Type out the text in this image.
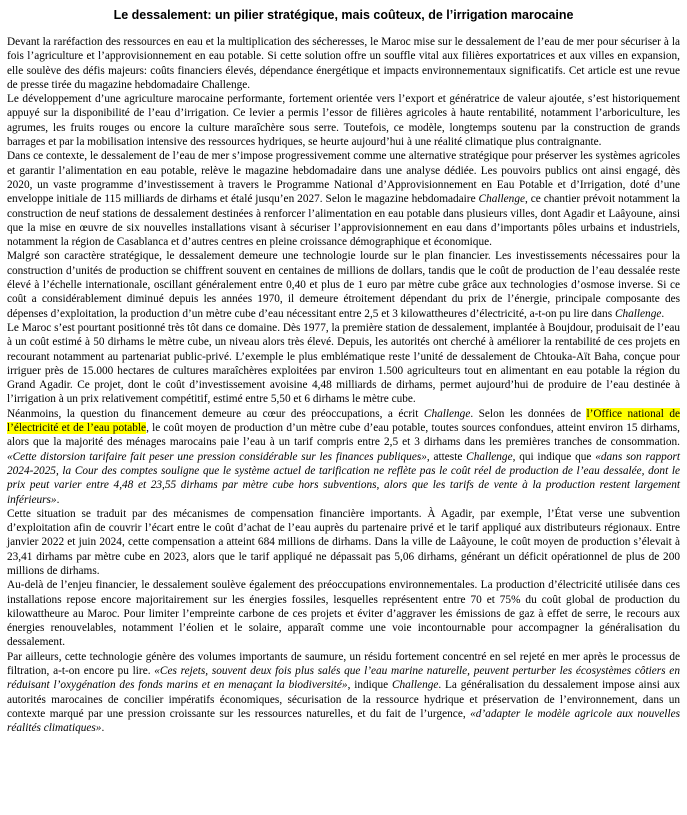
Le dessalement: un pilier stratégique, mais coûteux, de l’irrigation marocaine

Devant la raréfaction des ressources en eau et la multiplication des sécheresses, le Maroc mise sur le dessalement de l’eau de mer pour sécuriser à la fois l’agriculture et l’approvisionnement en eau potable. Si cette solution offre un souffle vital aux filières exportatrices et aux villes en expansion, elle soulève des défis majeurs: coûts financiers élevés, dépendance énergétique et impacts environnementaux significatifs. Cet article est une revue de presse tirée du magazine hebdomadaire Challenge.

Le développement d’une agriculture marocaine performante, fortement orientée vers l’export et génératrice de valeur ajoutée, s’est historiquement appuyé sur la disponibilité de l’eau d’irrigation. Ce levier a permis l’essor de filières agricoles à haute rentabilité, notamment l’arboriculture, les agrumes, les fruits rouges ou encore la culture maraîchère sous serre. Toutefois, ce modèle, longtemps soutenu par la construction de grands barrages et par la mobilisation intensive des ressources hydriques, se heurte aujourd’hui à une réalité climatique plus contraignante.

Dans ce contexte, le dessalement de l’eau de mer s’impose progressivement comme une alternative stratégique pour préserver les systèmes agricoles et garantir l’alimentation en eau potable, relève le magazine hebdomadaire dans une analyse dédiée. Les pouvoirs publics ont ainsi engagé, dès 2020, un vaste programme d’investissement à travers le Programme National d’Approvisionnement en Eau Potable et d’Irrigation, doté d’une enveloppe initiale de 115 milliards de dirhams et étalé jusqu’en 2027. Selon le magazine hebdomadaire Challenge, ce chantier prévoit notamment la construction de neuf stations de dessalement destinées à renforcer l’alimentation en eau potable dans plusieurs villes, dont Agadir et Laâyoune, ainsi que la mise en œuvre de six nouvelles installations visant à sécuriser l’approvisionnement en eau dans d’importants pôles urbains et industriels, notamment la région de Casablanca et d’autres centres en pleine croissance démographique et économique.

Malgré son caractère stratégique, le dessalement demeure une technologie lourde sur le plan financier. Les investissements nécessaires pour la construction d’unités de production se chiffrent souvent en centaines de millions de dollars, tandis que le coût de production de l’eau dessalée reste élevé à l’échelle internationale, oscillant généralement entre 0,40 et plus de 1 euro par mètre cube grâce aux technologies d’osmose inverse. Si ce coût a considérablement diminué depuis les années 1970, il demeure étroitement dépendant du prix de l’énergie, principale composante des dépenses d’exploitation, la production d’un mètre cube d’eau nécessitant entre 2,5 et 3 kilowattheures d’électricité, a-t-on pu lire dans Challenge.

Le Maroc s’est pourtant positionné très tôt dans ce domaine. Dès 1977, la première station de dessalement, implantée à Boujdour, produisait de l’eau à un coût estimé à 50 dirhams le mètre cube, un niveau alors très élevé. Depuis, les autorités ont cherché à améliorer la rentabilité de ces projets en recourant notamment au partenariat public-privé. L’exemple le plus emblématique reste l’unité de dessalement de Chtouka-Aït Baha, conçue pour irriguer près de 15.000 hectares de cultures maraîchères exploitées par environ 1.500 agriculteurs tout en alimentant en eau potable la région du Grand Agadir. Ce projet, dont le coût d’investissement avoisine 4,48 milliards de dirhams, permet aujourd’hui de produire de l’eau destinée à l’irrigation à un prix relativement compétitif, estimé entre 5,50 et 6 dirhams le mètre cube.

Néanmoins, la question du financement demeure au cœur des préoccupations, a écrit Challenge. Selon les données de l’Office national de l’électricité et de l’eau potable, le coût moyen de production d’un mètre cube d’eau potable, toutes sources confondues, atteint environ 15 dirhams, alors que la majorité des ménages marocains paie l’eau à un tarif compris entre 2,5 et 3 dirhams dans les premières tranches de consommation. «Cette distorsion tarifaire fait peser une pression considérable sur les finances publiques», atteste Challenge, qui indique que «dans son rapport 2024-2025, la Cour des comptes souligne que le système actuel de tarification ne reflète pas le coût réel de production de l’eau dessalée, dont le prix peut varier entre 4,48 et 23,55 dirhams par mètre cube hors subventions, alors que les tarifs de vente à la production restent largement inférieurs».

Cette situation se traduit par des mécanismes de compensation financière importants. À Agadir, par exemple, l’État verse une subvention d’exploitation afin de couvrir l’écart entre le coût d’achat de l’eau auprès du partenaire privé et le tarif appliqué aux distributeurs régionaux. Entre janvier 2022 et juin 2024, cette compensation a atteint 684 millions de dirhams. Dans la ville de Laâyoune, le coût moyen de production s’élevait à 23,41 dirhams par mètre cube en 2023, alors que le tarif appliqué ne dépassait pas 5,06 dirhams, générant un déficit opérationnel de plus de 200 millions de dirhams.

Au-delà de l’enjeu financier, le dessalement soulève également des préoccupations environnementales. La production d’électricité utilisée dans ces installations repose encore majoritairement sur les énergies fossiles, lesquelles représentent entre 70 et 75% du coût global de production du kilowattheure au Maroc. Pour limiter l’empreinte carbone de ces projets et éviter d’aggraver les émissions de gaz à effet de serre, le recours aux énergies renouvelables, notamment l’éolien et le solaire, apparaît comme une voie incontournable pour accompagner la généralisation du dessalement.

Par ailleurs, cette technologie génère des volumes importants de saumure, un résidu fortement concentré en sel rejeté en mer après le processus de filtration, a-t-on encore pu lire. «Ces rejets, souvent deux fois plus salés que l’eau marine naturelle, peuvent perturber les écosystèmes côtiers en réduisant l’oxygénation des fonds marins et en menaçant la biodiversité», indique Challenge. La généralisation du dessalement impose ainsi aux autorités marocaines de concilier impératifs économiques, sécurisation de la ressource hydrique et préservation de l’environnement, dans un contexte marqué par une pression croissante sur les ressources naturelles, et du fait de l’urgence, «d’adapter le modèle agricole aux nouvelles réalités climatiques».
